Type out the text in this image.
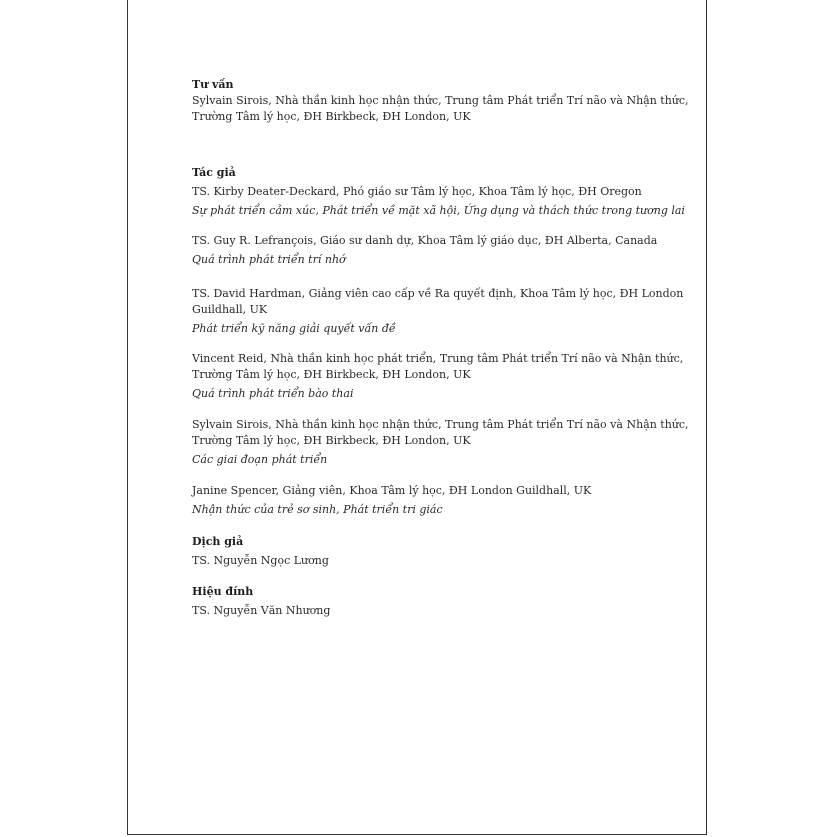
Tư vấn
Sylvain Sirois, Nhà thần kinh học nhận thức, Trung tâm Phát triển Trí não và Nhận thức,
Trường Tâm lý học, ĐH Birkbeck, ĐH London, UK
Tác giả
TS. Kirby Deater-Deckard, Phó giáo sư Tâm lý học, Khoa Tâm lý học, ĐH Oregon
Sự phát triển cảm xúc, Phát triển về mặt xã hội, Ứng dụng và thách thức trong tương lai
TS. Guy R. Lefrançois, Giáo sư danh dự, Khoa Tâm lý giáo dục, ĐH Alberta, Canada
Quá trình phát triển trí nhớ
TS. David Hardman, Giảng viên cao cấp về Ra quyết định, Khoa Tâm lý học, ĐH London
Guildhall, UK
Phát triển kỹ năng giải quyết vấn đề
Vincent Reid, Nhà thần kinh học phát triển, Trung tâm Phát triển Trí não và Nhận thức,
Trường Tâm lý học, ĐH Birkbeck, ĐH London, UK
Quá trình phát triển bào thai
Sylvain Sirois, Nhà thần kinh học nhận thức, Trung tâm Phát triển Trí não và Nhận thức,
Trường Tâm lý học, ĐH Birkbeck, ĐH London, UK
Các giai đoạn phát triển
Janine Spencer, Giảng viên, Khoa Tâm lý học, ĐH London Guildhall, UK
Nhận thức của trẻ sơ sinh, Phát triển tri giác
Dịch giả
TS. Nguyễn Ngọc Lương
Hiệu đính
TS. Nguyễn Văn Nhương
